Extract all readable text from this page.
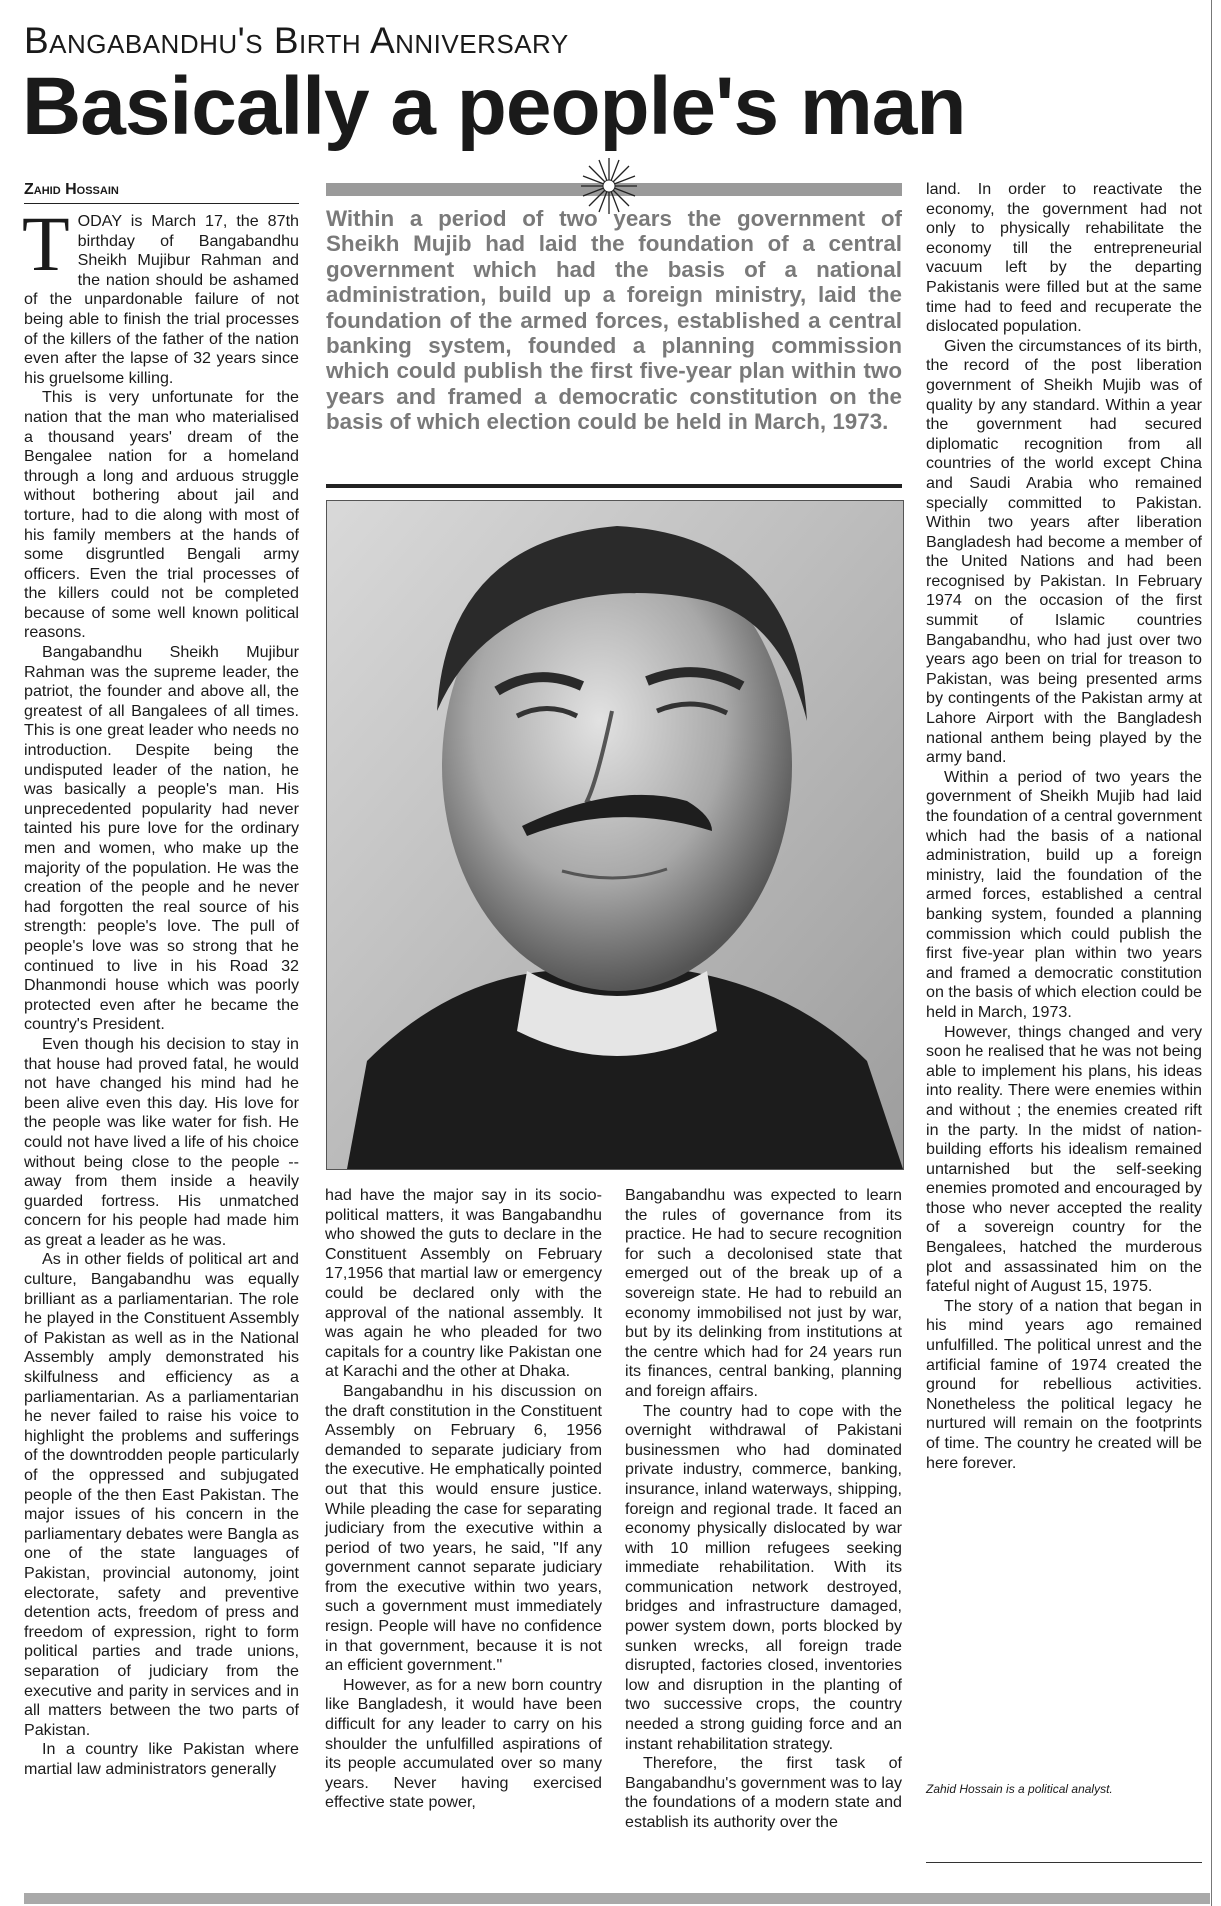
Bangabandhu's Birth Anniversary
Basically a people's man
Zahid Hossain
T ODAY is March 17, the 87th birthday of Bangabandhu Sheikh Mujibur Rahman and the nation should be ashamed of the unpardonable failure of not being able to finish the trial processes of the killers of the father of the nation even after the lapse of 32 years since his gruelsome killing.

This is very unfortunate for the nation that the man who materialised a thousand years' dream of the Bengalee nation for a homeland through a long and arduous struggle without bothering about jail and torture, had to die along with most of his family members at the hands of some disgruntled Bengali army officers. Even the trial processes of the killers could not be completed because of some well known political reasons.

Bangabandhu Sheikh Mujibur Rahman was the supreme leader, the patriot, the founder and above all, the greatest of all Bangalees of all times. This is one great leader who needs no introduction. Despite being the undisputed leader of the nation, he was basically a people's man. His unprecedented popularity had never tainted his pure love for the ordinary men and women, who make up the majority of the population. He was the creation of the people and he never had forgotten the real source of his strength: people's love. The pull of people's love was so strong that he continued to live in his Road 32 Dhanmondi house which was poorly protected even after he became the country's President.

Even though his decision to stay in that house had proved fatal, he would not have changed his mind had he been alive even this day. His love for the people was like water for fish. He could not have lived a life of his choice without being close to the people -- away from them inside a heavily guarded fortress. His unmatched concern for his people had made him as great a leader as he was.

As in other fields of political art and culture, Bangabandhu was equally brilliant as a parliamentarian. The role he played in the Constituent Assembly of Pakistan as well as in the National Assembly amply demonstrated his skilfulness and efficiency as a parliamentarian. As a parliamentarian he never failed to raise his voice to highlight the problems and sufferings of the downtrodden people particularly of the oppressed and subjugated people of the then East Pakistan. The major issues of his concern in the parliamentary debates were Bangla as one of the state languages of Pakistan, provincial autonomy, joint electorate, safety and preventive detention acts, freedom of press and freedom of expression, right to form political parties and trade unions, separation of judiciary from the executive and parity in services and in all matters between the two parts of Pakistan.

In a country like Pakistan where martial law administrators generally

Within a period of two years the government of Sheikh Mujib had laid the foundation of a central government which had the basis of a national administration, build up a foreign ministry, laid the foundation of the armed forces, established a central banking system, founded a planning commission which could publish the first five-year plan within two years and framed a democratic constitution on the basis of which election could be held in March, 1973.

had have the major say in its socio-political matters, it was Bangabandhu who showed the guts to declare in the Constituent Assembly on February 17,1956 that martial law or emergency could be declared only with the approval of the national assembly. It was again he who pleaded for two capitals for a country like Pakistan one at Karachi and the other at Dhaka.

Bangabandhu in his discussion on the draft constitution in the Constituent Assembly on February 6, 1956 demanded to separate judiciary from the executive. He emphatically pointed out that this would ensure justice. While pleading the case for separating judiciary from the executive within a period of two years, he said, "If any government cannot separate judiciary from the executive within two years, such a government must immediately resign. People will have no confidence in that government, because it is not an efficient government."

However, as for a new born country like Bangladesh, it would have been difficult for any leader to carry on his shoulder the unfulfilled aspirations of its people accumulated over so many years. Never having exercised effective state power,

Bangabandhu was expected to learn the rules of governance from its practice. He had to secure recognition for such a decolonised state that emerged out of the break up of a sovereign state. He had to rebuild an economy immobilised not just by war, but by its delinking from institutions at the centre which had for 24 years run its finances, central banking, planning and foreign affairs.

The country had to cope with the overnight withdrawal of Pakistani businessmen who had dominated private industry, commerce, banking, insurance, inland waterways, shipping, foreign and regional trade. It faced an economy physically dislocated by war with 10 million refugees seeking immediate rehabilitation. With its communication network destroyed, bridges and infrastructure damaged, power system down, ports blocked by sunken wrecks, all foreign trade disrupted, factories closed, inventories low and disruption in the planting of two successive crops, the country needed a strong guiding force and an instant rehabilitation strategy.

Therefore, the first task of Bangabandhu's government was to lay the foundations of a modern state and establish its authority over the

land. In order to reactivate the economy, the government had not only to physically rehabilitate the economy till the entrepreneurial vacuum left by the departing Pakistanis were filled but at the same time had to feed and recuperate the dislocated population.

Given the circumstances of its birth, the record of the post liberation government of Sheikh Mujib was of quality by any standard. Within a year the government had secured diplomatic recognition from all countries of the world except China and Saudi Arabia who remained specially committed to Pakistan. Within two years after liberation Bangladesh had become a member of the United Nations and had been recognised by Pakistan. In February 1974 on the occasion of the first summit of Islamic countries Bangabandhu, who had just over two years ago been on trial for treason to Pakistan, was being presented arms by contingents of the Pakistan army at Lahore Airport with the Bangladesh national anthem being played by the army band.

Within a period of two years the government of Sheikh Mujib had laid the foundation of a central government which had the basis of a national administration, build up a foreign ministry, laid the foundation of the armed forces, established a central banking system, founded a planning commission which could publish the first five-year plan within two years and framed a democratic constitution on the basis of which election could be held in March, 1973.

However, things changed and very soon he realised that he was not being able to implement his plans, his ideas into reality. There were enemies within and without ; the enemies created rift in the party. In the midst of nation-building efforts his idealism remained untarnished but the self-seeking enemies promoted and encouraged by those who never accepted the reality of a sovereign country for the Bengalees, hatched the murderous plot and assassinated him on the fateful night of August 15, 1975.

The story of a nation that began in his mind years ago remained unfulfilled. The political unrest and the artificial famine of 1974 created the ground for rebellious activities. Nonetheless the political legacy he nurtured will remain on the footprints of time. The country he created will be here forever.

Zahid Hossain is a political analyst.
